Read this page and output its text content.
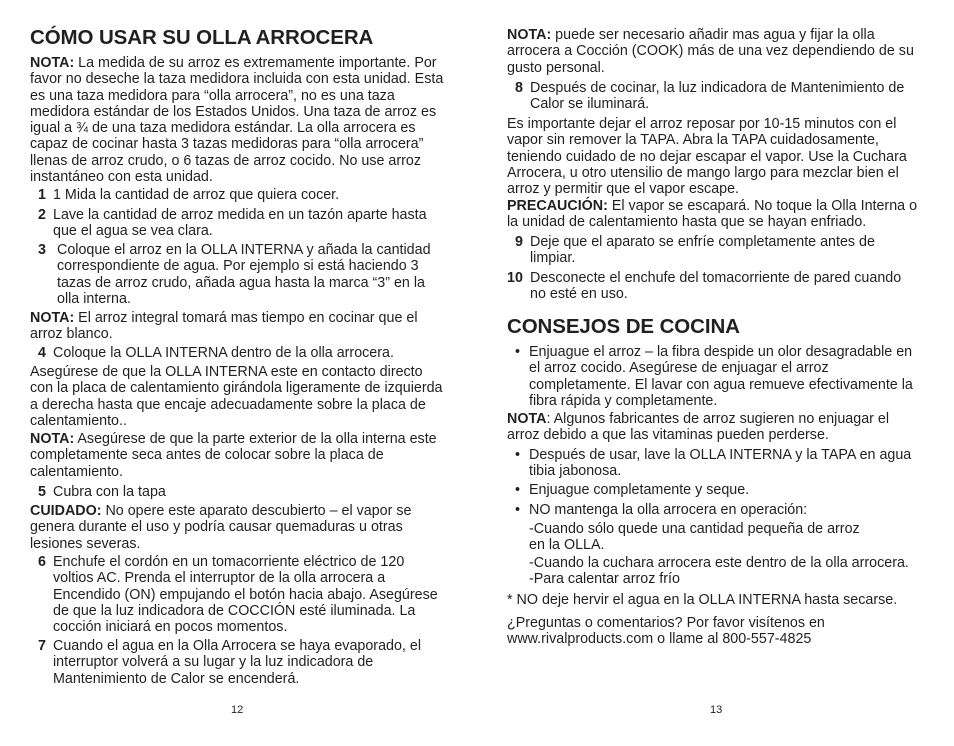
CÓMO USAR SU OLLA ARROCERA

NOTA: La medida de su arroz es extremamente importante. Por favor no deseche la taza medidora incluida con esta unidad. Esta es una taza medidora para “olla arrocera”, no es una taza medidora estándar de los Estados Unidos. Una taza de arroz es igual a ¾ de una taza medidora estándar. La olla arrocera es capaz de cocinar hasta 3 tazas medidoras para “olla arrocera” llenas de arroz crudo, o 6 tazas de arroz cocido. No use arroz instantáneo con esta unidad.

1 1 Mida la cantidad de arroz que quiera cocer.
2 Lave la cantidad de arroz medida en un tazón aparte hasta que el agua se vea clara.
3 Coloque el arroz en la OLLA INTERNA y añada la cantidad correspondiente de agua. Por ejemplo si está haciendo 3 tazas de arroz crudo, añada agua hasta la marca “3” en la olla interna.

NOTA: El arroz integral tomará mas tiempo en cocinar que el arroz blanco.

4 Coloque la OLLA INTERNA dentro de la olla arrocera.

Asegúrese de que la OLLA INTERNA este en contacto directo con la placa de calentamiento girándola ligeramente de izquierda a derecha hasta que encaje adecuadamente sobre la placa de calentamiento..

NOTA: Asegúrese de que la parte exterior de la olla interna este completamente seca antes de colocar sobre la placa de calentamiento.

5 Cubra con la tapa

CUIDADO: No opere este aparato descubierto – el vapor se genera durante el uso y podría causar quemaduras u otras lesiones severas.

6 Enchufe el cordón en un tomacorriente eléctrico de 120 voltios AC. Prenda el interruptor de la olla arrocera a Encendido (ON) empujando el botón hacia abajo. Asegúrese de que la luz indicadora de COCCIÓN esté iluminada. La cocción iniciará en pocos momentos.
7 Cuando el agua en la Olla Arrocera se haya evaporado, el interruptor volverá a su lugar y la luz indicadora de Mantenimiento de Calor se encenderá.
12

NOTA: puede ser necesario añadir mas agua y fijar la olla arrocera a Cocción (COOK) más de una vez dependiendo de su gusto personal.

8 Después de cocinar, la luz indicadora de Mantenimiento de Calor se iluminará.

Es importante dejar el arroz reposar por 10-15 minutos con el vapor sin remover la TAPA. Abra la TAPA cuidadosamente, teniendo cuidado de no dejar escapar el vapor. Use la Cuchara Arrocera, u otro utensilio de mango largo para mezclar bien el arroz y permitir que el vapor escape.

PRECAUCIÓN: El vapor se escapará. No toque la Olla Interna o la unidad de calentamiento hasta que se hayan enfriado.

9 Deje que el aparato se enfríe completamente antes de limpiar.
10 Desconecte el enchufe del tomacorriente de pared cuando no esté en uso.
CONSEJOS DE COCINA
• Enjuague el arroz – la fibra despide un olor desagradable en el arroz cocido. Asegúrese de enjuagar el arroz completamente. El lavar con agua remueve efectivamente la fibra rápida y completamente.

NOTA: Algunos fabricantes de arroz sugieren no enjuagar el arroz debido a que las vitaminas pueden perderse.

• Después de usar, lave la OLLA INTERNA y la TAPA en agua tibia jabonosa.
• Enjuague completamente y seque.
• NO mantenga la olla arrocera en operación:

-Cuando sólo quede una cantidad pequeña de arroz en la OLLA.

-Cuando la cuchara arrocera este dentro de la olla arrocera.

-Para calentar arroz frío

* NO deje hervir el agua en la OLLA INTERNA hasta secarse.

¿Preguntas o comentarios? Por favor visítenos en www.rivalproducts.com o llame al 800-557-4825

13
